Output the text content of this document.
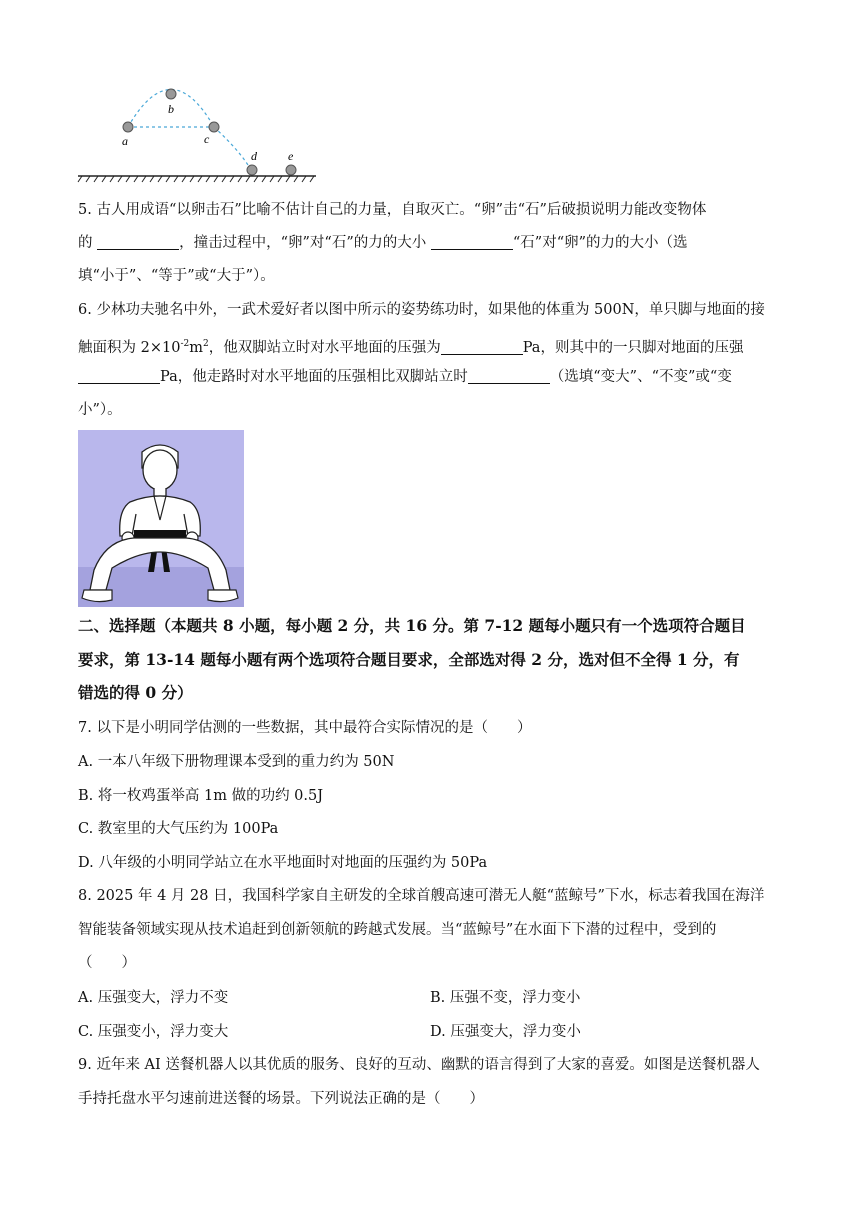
a
b
c
d	e
5. 古人用成语“以卵击石”比喻不估计自己的力量，自取灭亡。“卵”击“石”后破损说明力能改变物体
的	，撞击过程中，“卵”对“石”的力的大小	“石”对“卵”的力的大小（选
填“小于”、“等于”或“大于”）。
6. 少林功夫驰名中外，一武术爱好者以图中所示的姿势练功时，如果他的体重为 500N，单只脚与地面的接
触面积为 $2\times 10^{-2}m^2$，他双脚站立时对水平地面的压强为	Pa，则其中的一只脚对地面的压强
Pa，他走路时对水平地面的压强相比双脚站立时	（选填“变大”、“不变”或“变
小”）。
二、选择题（本题共 8 小题，每小题 2 分，共 16 分。第 7-12 题每小题只有一个选项符合题目
要求，第 13-14 题每小题有两个选项符合题目要求，全部选对得 2 分，选对但不全得 1 分，有
错选的得 0 分）
7. 以下是小明同学估测的一些数据，其中最符合实际情况的是（　　）
A. 一本八年级下册物理课本受到的重力约为 50N
B. 将一枚鸡蛋举高 1m 做的功约 0.5J
C. 教室里的大气压约为 100Pa
D. 八年级的小明同学站立在水平地面时对地面的压强约为 50Pa
8. 2025 年 4 月 28 日，我国科学家自主研发的全球首艘高速可潜无人艇“蓝鲸号”下水，标志着我国在海洋
智能装备领域实现从技术追赶到创新领航的跨越式发展。当“蓝鲸号”在水面下下潜的过程中，受到的
（　　）
A. 压强变大，浮力不变	B. 压强不变，浮力变小
C. 压强变小，浮力变大	D. 压强变大，浮力变小
9. 近年来 AI 送餐机器人以其优质的服务、良好的互动、幽默的语言得到了大家的喜爱。如图是送餐机器人
手持托盘水平匀速前进送餐的场景。下列说法正确的是（　　）
